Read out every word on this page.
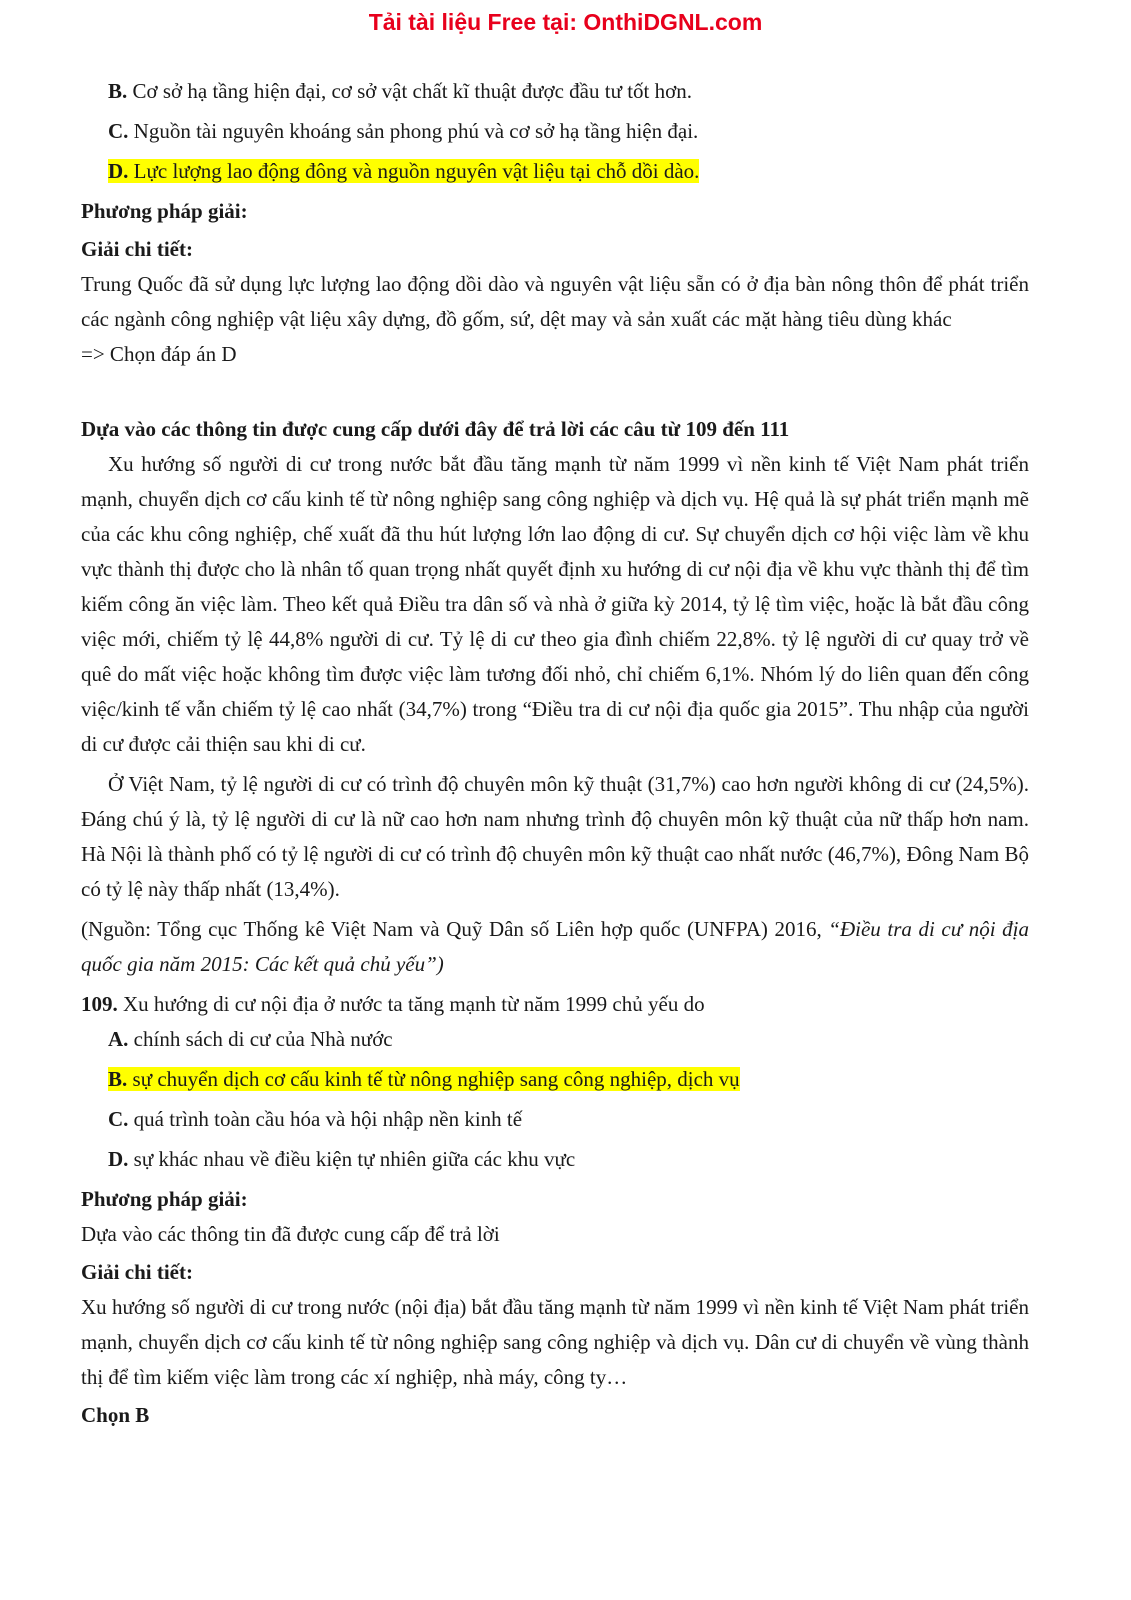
Tải tài liệu Free tại: OnthiDGNL.com

B. Cơ sở hạ tầng hiện đại, cơ sở vật chất kĩ thuật được đầu tư tốt hơn.

C. Nguồn tài nguyên khoáng sản phong phú và cơ sở hạ tầng hiện đại.

D. Lực lượng lao động đông và nguồn nguyên vật liệu tại chỗ dồi dào.

Phương pháp giải:

Giải chi tiết:

Trung Quốc đã sử dụng lực lượng lao động dồi dào và nguyên vật liệu sẵn có ở địa bàn nông thôn để phát triển các ngành công nghiệp vật liệu xây dựng, đồ gốm, sứ, dệt may và sản xuất các mặt hàng tiêu dùng khác

=> Chọn đáp án D

Dựa vào các thông tin được cung cấp dưới đây để trả lời các câu từ 109 đến 111

Xu hướng số người di cư trong nước bắt đầu tăng mạnh từ năm 1999 vì nền kinh tế Việt Nam phát triển mạnh, chuyển dịch cơ cấu kinh tế từ nông nghiệp sang công nghiệp và dịch vụ. Hệ quả là sự phát triển mạnh mẽ của các khu công nghiệp, chế xuất đã thu hút lượng lớn lao động di cư. Sự chuyển dịch cơ hội việc làm về khu vực thành thị được cho là nhân tố quan trọng nhất quyết định xu hướng di cư nội địa về khu vực thành thị để tìm kiếm công ăn việc làm. Theo kết quả Điều tra dân số và nhà ở giữa kỳ 2014, tỷ lệ tìm việc, hoặc là bắt đầu công việc mới, chiếm tỷ lệ 44,8% người di cư. Tỷ lệ di cư theo gia đình chiếm 22,8%. tỷ lệ người di cư quay trở về quê do mất việc hoặc không tìm được việc làm tương đối nhỏ, chỉ chiếm 6,1%. Nhóm lý do liên quan đến công việc/kinh tế vẫn chiếm tỷ lệ cao nhất (34,7%) trong “Điều tra di cư nội địa quốc gia 2015”. Thu nhập của người di cư được cải thiện sau khi di cư.

Ở Việt Nam, tỷ lệ người di cư có trình độ chuyên môn kỹ thuật (31,7%) cao hơn người không di cư (24,5%). Đáng chú ý là, tỷ lệ người di cư là nữ cao hơn nam nhưng trình độ chuyên môn kỹ thuật của nữ thấp hơn nam. Hà Nội là thành phố có tỷ lệ người di cư có trình độ chuyên môn kỹ thuật cao nhất nước (46,7%), Đông Nam Bộ có tỷ lệ này thấp nhất (13,4%).

(Nguồn: Tổng cục Thống kê Việt Nam và Quỹ Dân số Liên hợp quốc (UNFPA) 2016, “Điều tra di cư nội địa quốc gia năm 2015: Các kết quả chủ yếu”)

109. Xu hướng di cư nội địa ở nước ta tăng mạnh từ năm 1999 chủ yếu do

A. chính sách di cư của Nhà nước

B. sự chuyển dịch cơ cấu kinh tế từ nông nghiệp sang công nghiệp, dịch vụ

C. quá trình toàn cầu hóa và hội nhập nền kinh tế

D. sự khác nhau về điều kiện tự nhiên giữa các khu vực

Phương pháp giải:

Dựa vào các thông tin đã được cung cấp để trả lời

Giải chi tiết:

Xu hướng số người di cư trong nước (nội địa) bắt đầu tăng mạnh từ năm 1999 vì nền kinh tế Việt Nam phát triển mạnh, chuyển dịch cơ cấu kinh tế từ nông nghiệp sang công nghiệp và dịch vụ. Dân cư di chuyển về vùng thành thị để tìm kiếm việc làm trong các xí nghiệp, nhà máy, công ty…

Chọn B
